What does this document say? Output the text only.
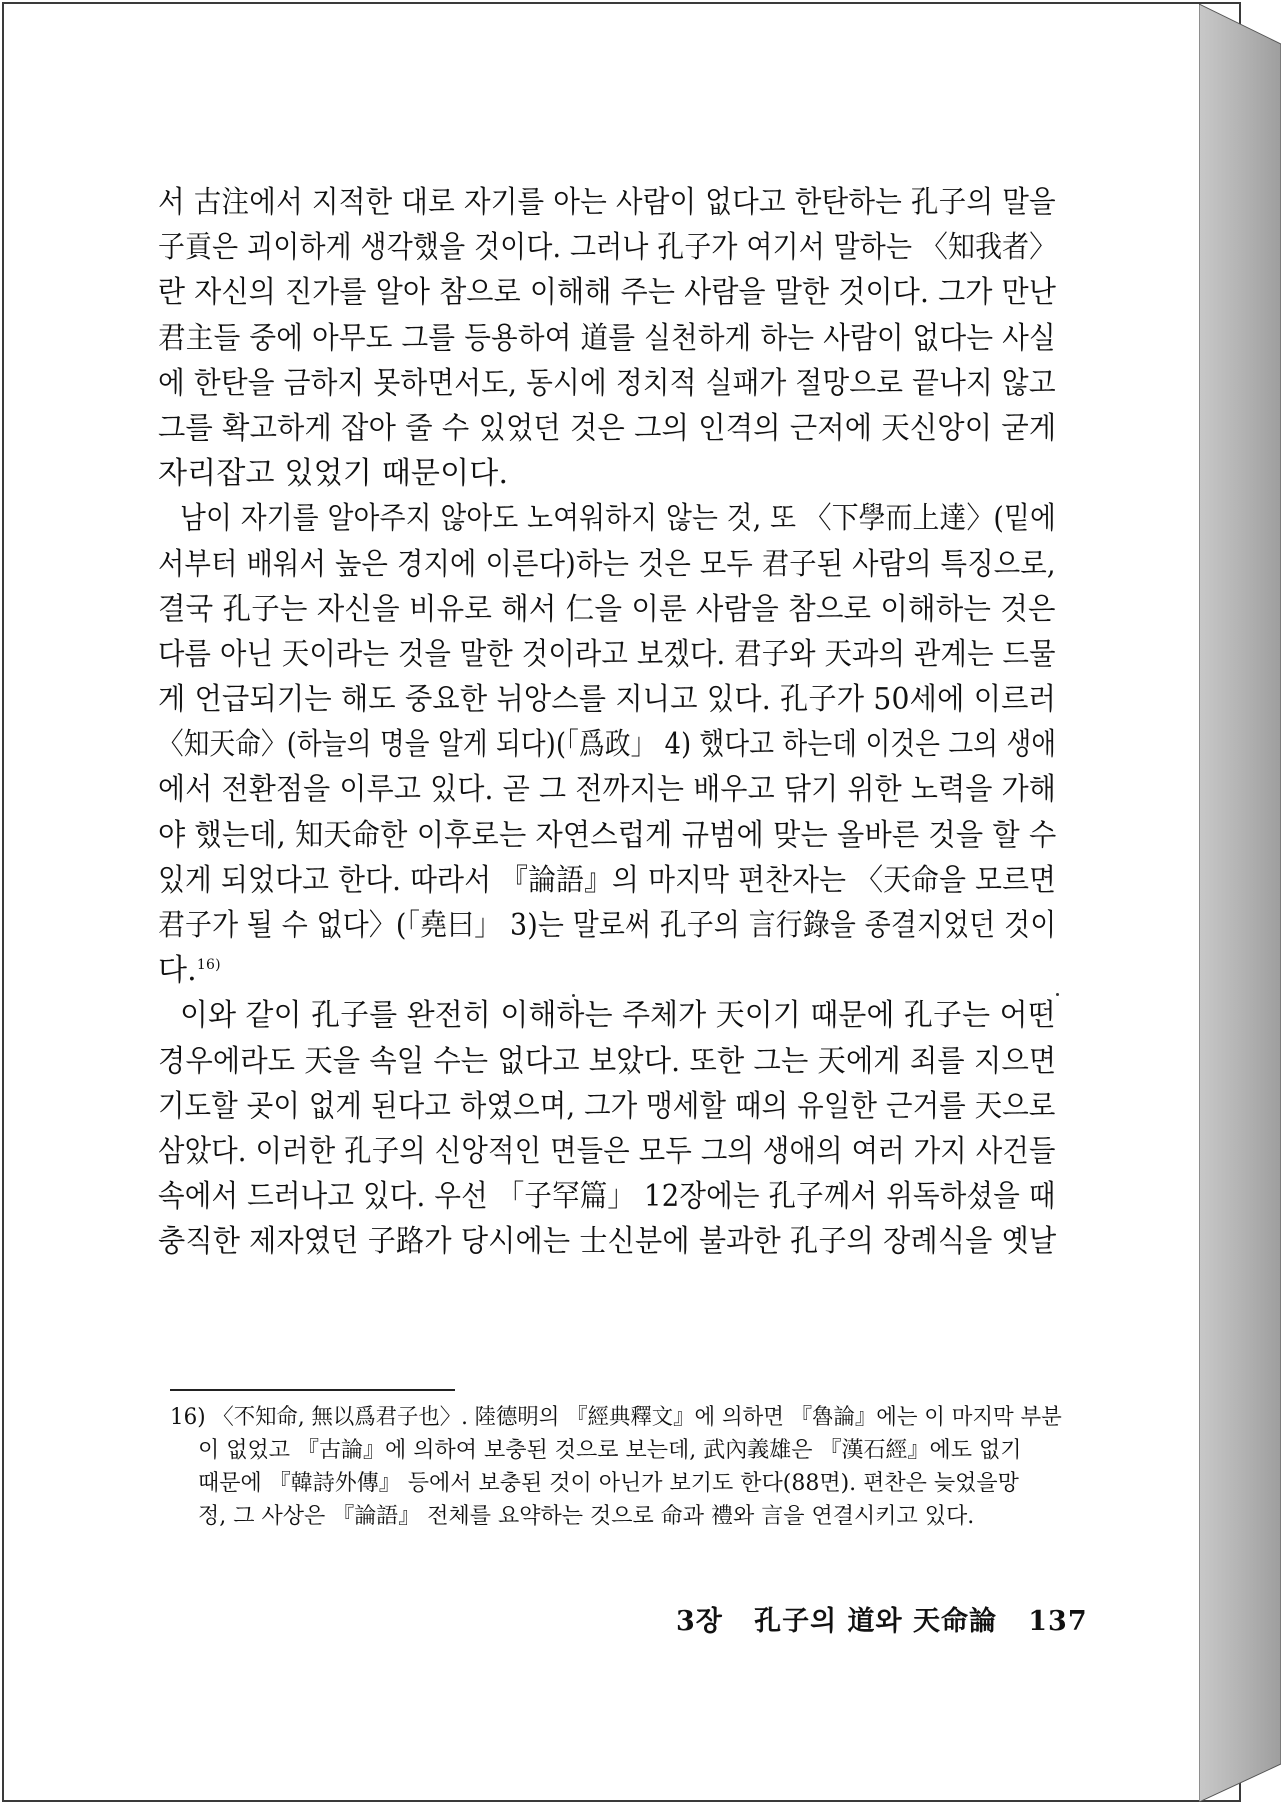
서 古注에서 지적한 대로 자기를 아는 사람이 없다고 한탄하는 孔子의 말을
子貢은 괴이하게 생각했을 것이다. 그러나 孔子가 여기서 말하는 〈知我者〉
란 자신의 진가를 알아 참으로 이해해 주는 사람을 말한 것이다. 그가 만난
君主들 중에 아무도 그를 등용하여 道를 실천하게 하는 사람이 없다는 사실
에 한탄을 금하지 못하면서도, 동시에 정치적 실패가 절망으로 끝나지 않고
그를 확고하게 잡아 줄 수 있었던 것은 그의 인격의 근저에 天신앙이 굳게
자리잡고 있었기 때문이다.
남이 자기를 알아주지 않아도 노여워하지 않는 것, 또 〈下學而上達〉(밑에
서부터 배워서 높은 경지에 이른다)하는 것은 모두 君子된 사람의 특징으로,
결국 孔子는 자신을 비유로 해서 仁을 이룬 사람을 참으로 이해하는 것은
다름 아닌 天이라는 것을 말한 것이라고 보겠다. 君子와 天과의 관계는 드물
게 언급되기는 해도 중요한 뉘앙스를 지니고 있다. 孔子가 50세에 이르러
〈知天命〉(하늘의 명을 알게 되다)(「爲政」 4) 했다고 하는데 이것은 그의 생애
에서 전환점을 이루고 있다. 곧 그 전까지는 배우고 닦기 위한 노력을 가해
야 했는데, 知天命한 이후로는 자연스럽게 규범에 맞는 올바른 것을 할 수
있게 되었다고 한다. 따라서 『論語』의 마지막 편찬자는 〈天命을 모르면
君子가 될 수 없다〉(「堯曰」 3)는 말로써 孔子의 言行錄을 종결지었던 것이
다.$^{16)}$
이와 같이 孔子를 완전히 이해하는 주체가 天이기 때문에 孔子는 어떤
경우에라도 天을 속일 수는 없다고 보았다. 또한 그는 天에게 죄를 지으면
기도할 곳이 없게 된다고 하였으며, 그가 맹세할 때의 유일한 근거를 天으로
삼았다. 이러한 孔子의 신앙적인 면들은 모두 그의 생애의 여러 가지 사건들
속에서 드러나고 있다. 우선 「子罕篇」 12장에는 孔子께서 위독하셨을 때
충직한 제자였던 子路가 당시에는 士신분에 불과한 孔子의 장례식을 옛날
16) 〈不知命, 無以爲君子也〉. 陸德明의 『經典釋文』에 의하면 『魯論』에는 이 마지막 부분
이 없었고 『古論』에 의하여 보충된 것으로 보는데, 武內義雄은 『漢石經』에도 없기
때문에 『韓詩外傳』 등에서 보충된 것이 아닌가 보기도 한다(88면). 편찬은 늦었을망
정, 그 사상은 『論語』 전체를 요약하는 것으로 命과 禮와 言을 연결시키고 있다.
3장 孔子의 道와 天命論 137
